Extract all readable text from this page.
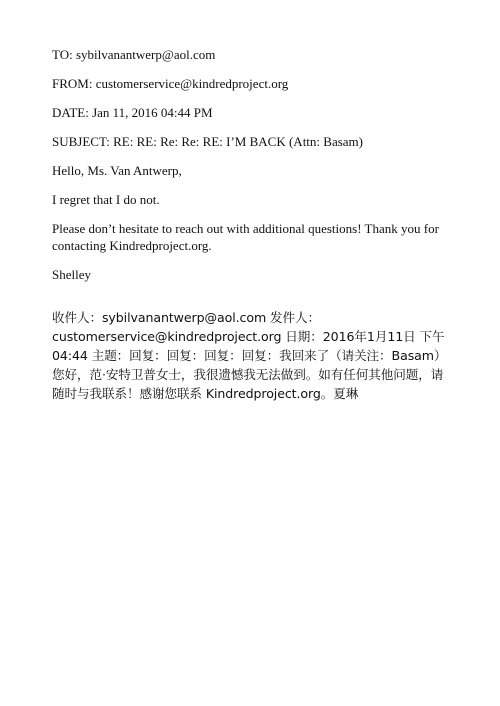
TO: sybilvanantwerp@aol.com

FROM: customerservice@kindredproject.org

DATE: Jan 11, 2016 04:44 PM

SUBJECT: RE: RE: Re: Re: RE: I’M BACK (Attn: Basam)

Hello, Ms. Van Antwerp,

I regret that I do not.

Please don’t hesitate to reach out with additional questions! Thank you for contacting Kindredproject.org.

Shelley

收件人：sybilvanantwerp@aol.com 发件人：customerservice@kindredproject.org 日期：2016年1月11日 下午04:44 主题：回复：回复：回复：回复：我回来了（请关注：Basam）您好，范·安特卫普女士，我很遗憾我无法做到。如有任何其他问题，请随时与我联系！感谢您联系 Kindredproject.org。夏琳
